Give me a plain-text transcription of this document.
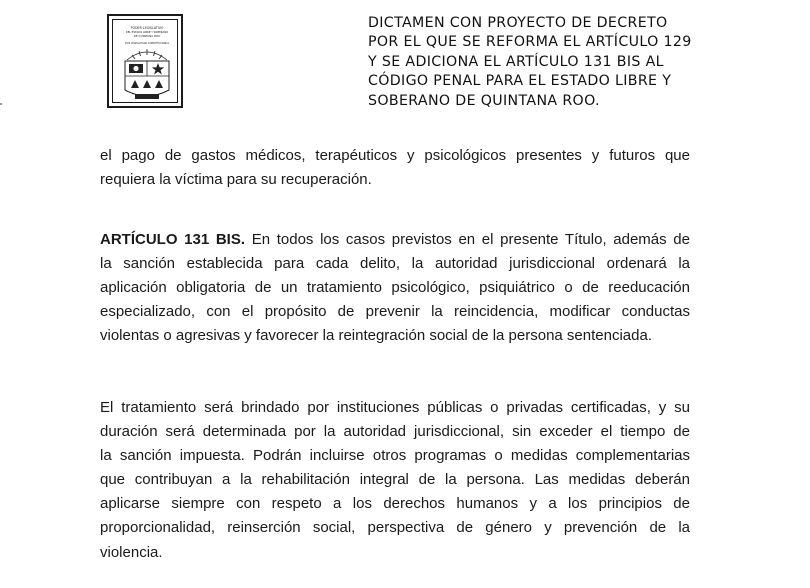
PODER LEGISLATIVO
DEL ESTADO LIBRE Y SOBERANO
DE QUINTANA ROO
XVIII LEGISLATURA CONSTITUCIONAL
DICTAMEN CON PROYECTO DE DECRETO
POR EL QUE SE REFORMA EL ARTÍCULO 129
Y SE ADICIONA EL ARTÍCULO 131 BIS AL
CÓDIGO PENAL PARA EL ESTADO LIBRE Y
SOBERANO DE QUINTANA ROO.
el pago de gastos médicos, terapéuticos y psicológicos presentes y futuros que
requiera la víctima para su recuperación.
ARTÍCULO 131 BIS. En todos los casos previstos en el presente Título, además de
la sanción establecida para cada delito, la autoridad jurisdiccional ordenará la
aplicación obligatoria de un tratamiento psicológico, psiquiátrico o de reeducación
especializado, con el propósito de prevenir la reincidencia, modificar conductas
violentas o agresivas y favorecer la reintegración social de la persona sentenciada.
El tratamiento será brindado por instituciones públicas o privadas certificadas, y su
duración será determinada por la autoridad jurisdiccional, sin exceder el tiempo de
la sanción impuesta. Podrán incluirse otros programas o medidas complementarias
que contribuyan a la rehabilitación integral de la persona. Las medidas deberán
aplicarse siempre con respeto a los derechos humanos y a los principios de
proporcionalidad, reinserción social, perspectiva de género y prevención de la
violencia.
